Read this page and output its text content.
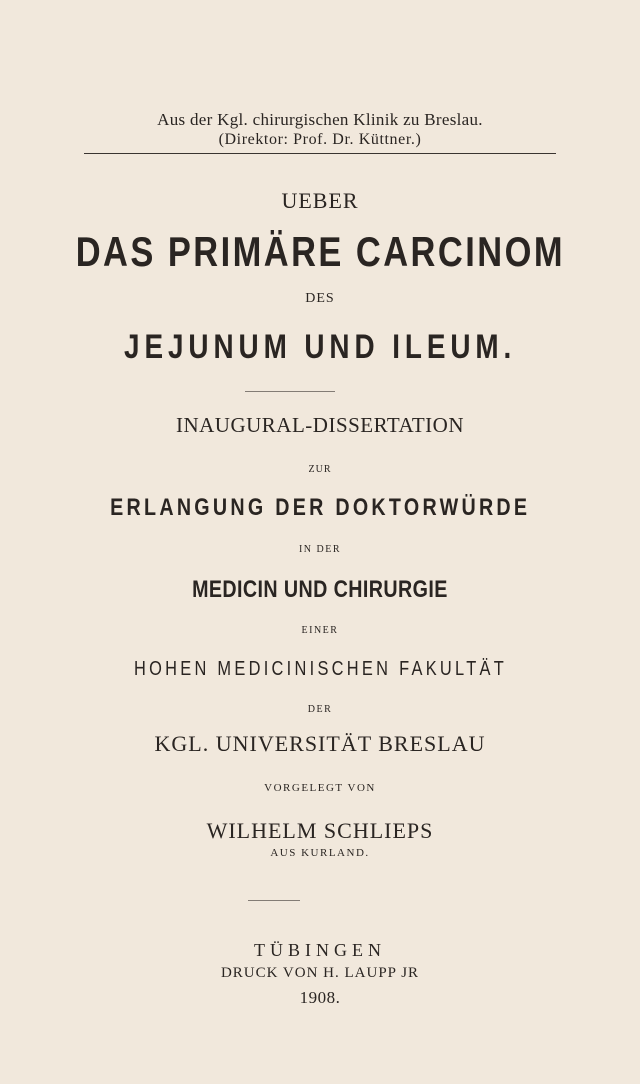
Aus der Kgl. chirurgischen Klinik zu Breslau.
(Direktor: Prof. Dr. Küttner.)
UEBER
DAS PRIMÄRE CARCINOM
DES
JEJUNUM UND ILEUM.
INAUGURAL-DISSERTATION
ZUR
ERLANGUNG DER DOKTORWÜRDE
IN DER
MEDICIN UND CHIRURGIE
EINER
HOHEN MEDICINISCHEN FAKULTÄT
DER
KGL. UNIVERSITÄT BRESLAU
VORGELEGT VON
WILHELM SCHLIEPS
AUS KURLAND.
TÜBINGEN
DRUCK VON H. LAUPP JR
1908.
